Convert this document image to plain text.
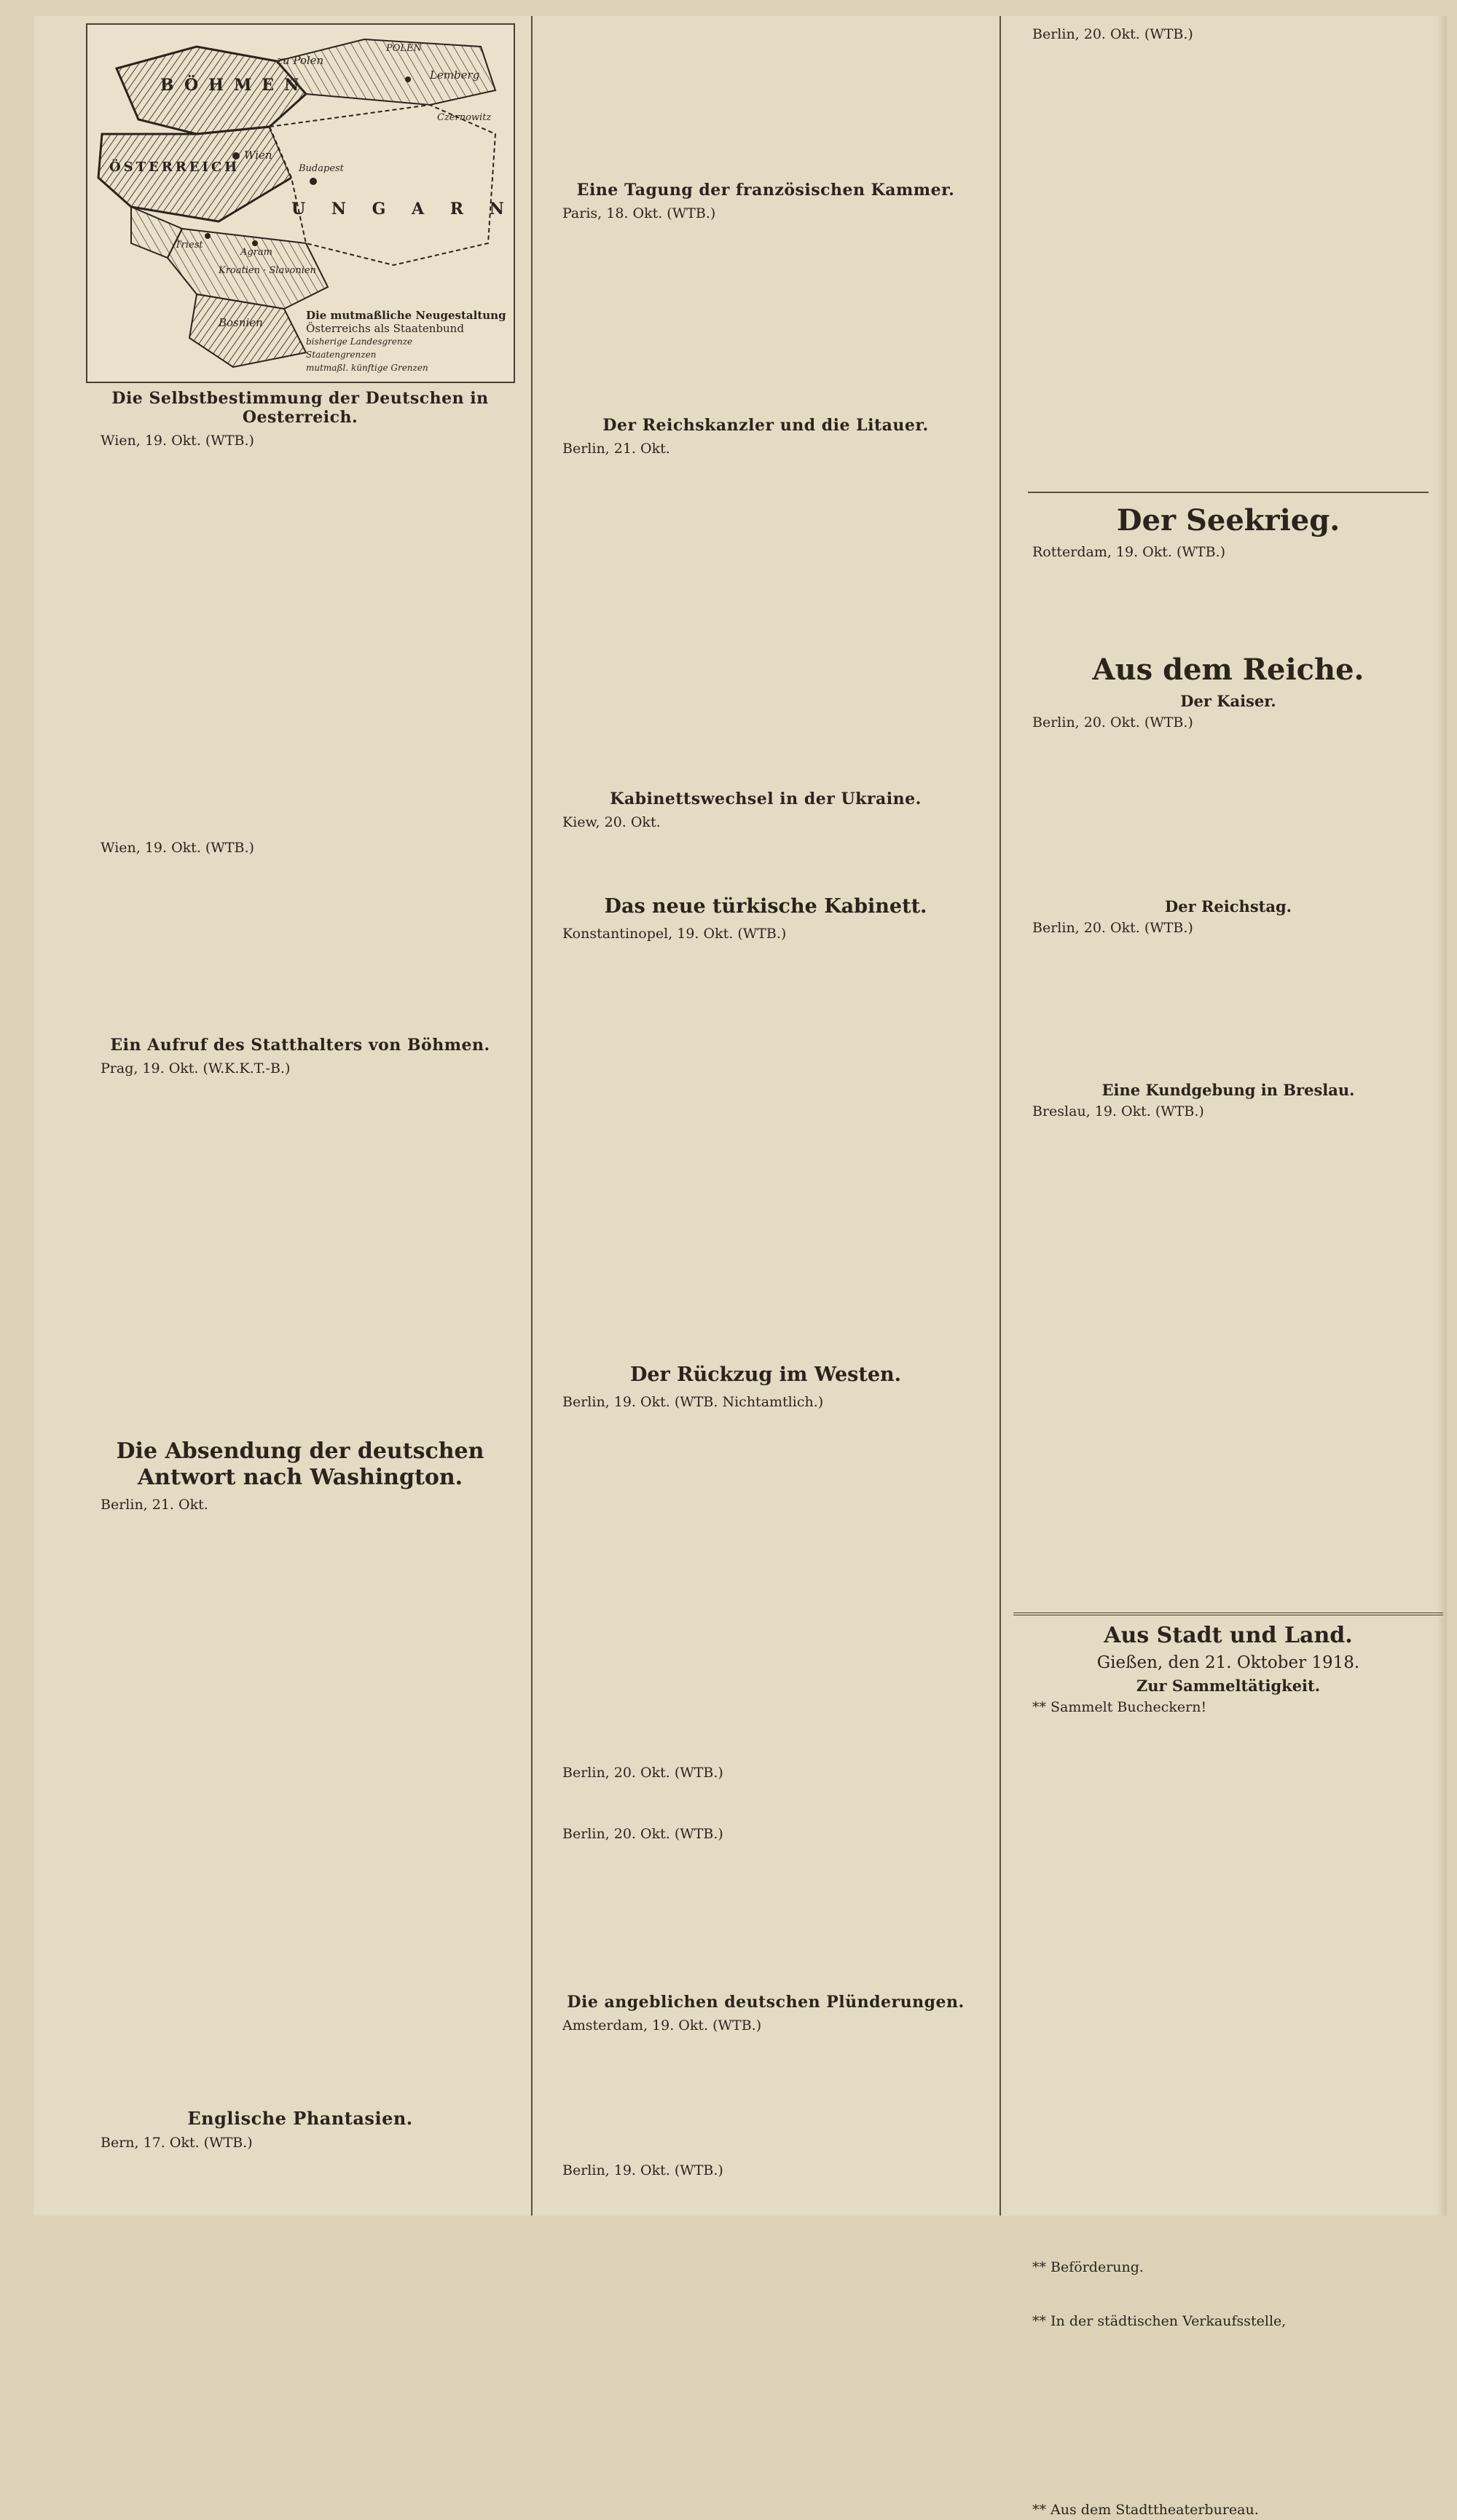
BÖHMEN
zu Polen
POLEN
Lemberg
Czernowitz
Wien
ÖSTERREICH	Budapest
U N G A R N
Triest
Agram
Kroatien · Slavonien
Bosnien
Die mutmaßliche Neugestaltung
Österreichs als Staatenbund
bisherige Landesgrenze
Staatengrenzen
mutmaßl. künftige Grenzen
Die Selbstbestimmung der Deutschen in Oesterreich.

Wien, 19. Okt. (WTB.)

Wien, 19. Okt. (WTB.)

Ein Aufruf des Statthalters von Böhmen.

Prag, 19. Okt. (W.K.K.T.-B.)

Die Absendung der deutschen Antwort nach Washington.

Berlin, 21. Okt.

Englische Phantasien.

Bern, 17. Okt. (WTB.)

Eine Tagung der französischen Kammer.

Paris, 18. Okt. (WTB.)

Der Reichskanzler und die Litauer.

Berlin, 21. Okt.

Kabinettswechsel in der Ukraine.

Kiew, 20. Okt.

Das neue türkische Kabinett.

Konstantinopel, 19. Okt. (WTB.)

Der Rückzug im Westen.

Berlin, 19. Okt. (WTB. Nichtamtlich.)

Berlin, 20. Okt. (WTB.)

Berlin, 20. Okt. (WTB.)

Die angeblichen deutschen Plünderungen.

Amsterdam, 19. Okt. (WTB.)

Berlin, 19. Okt. (WTB.)

Berlin, 20. Okt. (WTB.)

Der Seekrieg.

Rotterdam, 19. Okt. (WTB.)

Aus dem Reiche.
Der Kaiser.

Berlin, 20. Okt. (WTB.)

Der Reichstag.

Berlin, 20. Okt. (WTB.)

Eine Kundgebung in Breslau.

Breslau, 19. Okt. (WTB.)

Aus Stadt und Land.
Gießen, den 21. Oktober 1918.
Zur Sammeltätigkeit.

** Sammelt Bucheckern!

** Beförderung.

** In der städtischen Verkaufsstelle,

** Aus dem Stadttheaterbureau.
